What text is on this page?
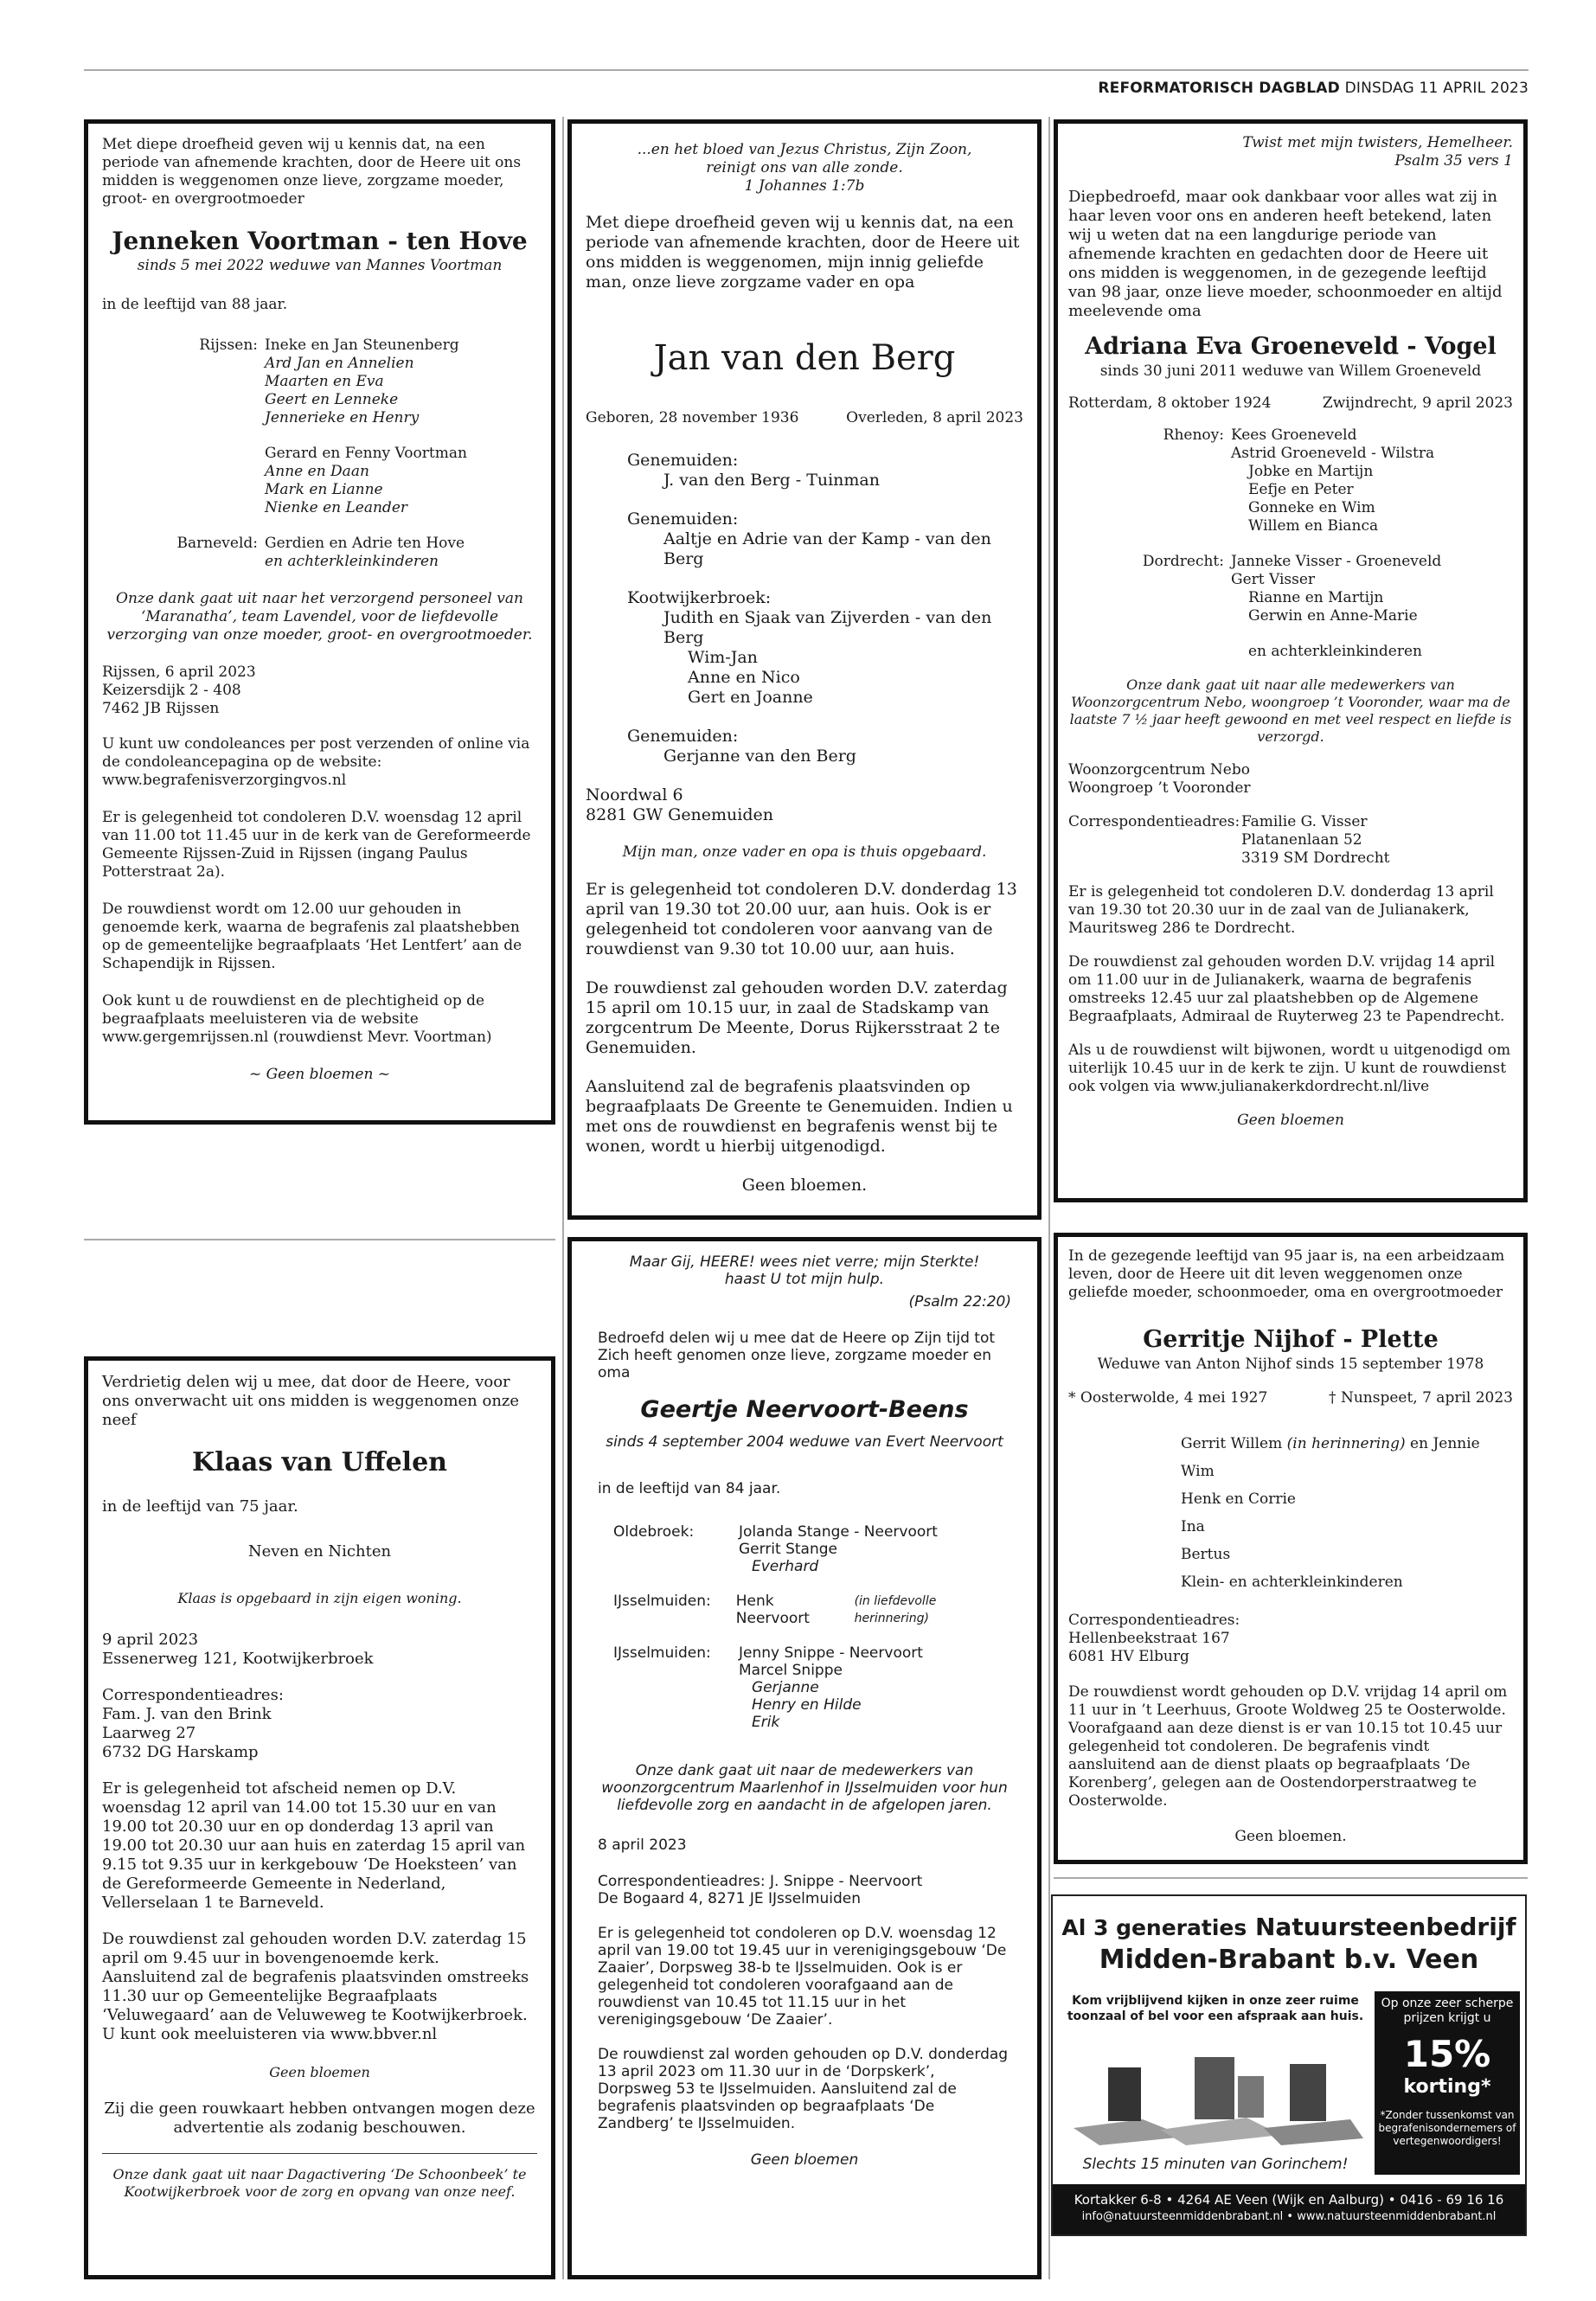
REFORMATORISCH DAGBLAD DINSDAG 11 APRIL 2023
Met diepe droefheid geven wij u kennis dat, na een periode van afnemende krachten, door de Heere uit ons midden is weggenomen onze lieve, zorgzame moeder, groot- en overgrootmoeder
Jenneken Voortman - ten Hove
sinds 5 mei 2022 weduwe van Mannes Voortman
in de leeftijd van 88 jaar.
Rijssen: Ineke en Jan Steunenberg
Ard Jan en Annelien
Maarten en Eva
Geert en Lenneke
Jennerieke en Henry
Gerard en Fenny Voortman
Anne en Daan
Mark en Lianne
Nienke en Leander
Barneveld: Gerdien en Adrie ten Hove
en achterkleinkinderen
Onze dank gaat uit naar het verzorgend personeel van ‘Maranatha’, team Lavendel, voor de liefdevolle verzorging van onze moeder, groot- en overgrootmoeder.
Rijssen, 6 april 2023
Keizersdijk 2 - 408
7462 JB Rijssen
U kunt uw condoleances per post verzenden of online via de condoleancepagina op de website: www.begrafenisverzorgingvos.nl
Er is gelegenheid tot condoleren D.V. woensdag 12 april van 11.00 tot 11.45 uur in de kerk van de Gereformeerde Gemeente Rijssen-Zuid in Rijssen (ingang Paulus Potterstraat 2a).
De rouwdienst wordt om 12.00 uur gehouden in genoemde kerk, waarna de begrafenis zal plaatshebben op de gemeentelijke begraafplaats ‘Het Lentfert’ aan de Schapendijk in Rijssen.
Ook kunt u de rouwdienst en de plechtigheid op de begraafplaats meeluisteren via de website www.gergemrijssen.nl (rouwdienst Mevr. Voortman)
~ Geen bloemen ~
...en het bloed van Jezus Christus, Zijn Zoon,
reinigt ons van alle zonde.
1 Johannes 1:7b
Met diepe droefheid geven wij u kennis dat, na een periode van afnemende krachten, door de Heere uit ons midden is weggenomen, mijn innig geliefde man, onze lieve zorgzame vader en opa
Jan van den Berg
Geboren, 28 november 1936	Overleden, 8 april 2023
Genemuiden:
J. van den Berg - Tuinman
Genemuiden:
Aaltje en Adrie van der Kamp - van den Berg
Kootwijkerbroek:
Judith en Sjaak van Zijverden - van den Berg
Wim-Jan
Anne en Nico
Gert en Joanne
Genemuiden:
Gerjanne van den Berg
Noordwal 6
8281 GW Genemuiden
Mijn man, onze vader en opa is thuis opgebaard.
Er is gelegenheid tot condoleren D.V. donderdag 13 april van 19.30 tot 20.00 uur, aan huis. Ook is er gelegenheid tot condoleren voor aanvang van de rouwdienst van 9.30 tot 10.00 uur, aan huis.
De rouwdienst zal gehouden worden D.V. zaterdag 15 april om 10.15 uur, in zaal de Stadskamp van zorgcentrum De Meente, Dorus Rijkersstraat 2 te Genemuiden.
Aansluitend zal de begrafenis plaatsvinden op begraafplaats De Greente te Genemuiden. Indien u met ons de rouwdienst en begrafenis wenst bij te wonen, wordt u hierbij uitgenodigd.
Geen bloemen.
Twist met mijn twisters, Hemelheer.
Psalm 35 vers 1
Diepbedroefd, maar ook dankbaar voor alles wat zij in haar leven voor ons en anderen heeft betekend, laten wij u weten dat na een langdurige periode van afnemende krachten en gedachten door de Heere uit ons midden is weggenomen, in de gezegende leeftijd van 98 jaar, onze lieve moeder, schoonmoeder en altijd meelevende oma
Adriana Eva Groeneveld - Vogel
sinds 30 juni 2011 weduwe van Willem Groeneveld
Rotterdam, 8 oktober 1924	Zwijndrecht, 9 april 2023
Rhenoy: Kees Groeneveld
Astrid Groeneveld - Wilstra
Jobke en Martijn
Eefje en Peter
Gonneke en Wim
Willem en Bianca
Dordrecht: Janneke Visser - Groeneveld
Gert Visser
Rianne en Martijn
Gerwin en Anne-Marie
en achterkleinkinderen
Onze dank gaat uit naar alle medewerkers van Woonzorgcentrum Nebo, woongroep ’t Vooronder, waar ma de laatste 7 ½ jaar heeft gewoond en met veel respect en liefde is verzorgd.
Woonzorgcentrum Nebo
Woongroep ’t Vooronder
Correspondentieadres: Familie G. Visser
Platanenlaan 52
3319 SM Dordrecht
Er is gelegenheid tot condoleren D.V. donderdag 13 april van 19.30 tot 20.30 uur in de zaal van de Julianakerk, Mauritsweg 286 te Dordrecht.
De rouwdienst zal gehouden worden D.V. vrijdag 14 april om 11.00 uur in de Julianakerk, waarna de begrafenis omstreeks 12.45 uur zal plaatshebben op de Algemene Begraafplaats, Admiraal de Ruyterweg 23 te Papendrecht.
Als u de rouwdienst wilt bijwonen, wordt u uitgenodigd om uiterlijk 10.45 uur in de kerk te zijn. U kunt de rouwdienst ook volgen via www.julianakerkdordrecht.nl/live
Geen bloemen
Verdrietig delen wij u mee, dat door de Heere, voor ons onverwacht uit ons midden is weggenomen onze neef
Klaas van Uffelen
in de leeftijd van 75 jaar.
Neven en Nichten
Klaas is opgebaard in zijn eigen woning.
9 april 2023
Essenerweg 121, Kootwijkerbroek
Correspondentieadres:
Fam. J. van den Brink
Laarweg 27
6732 DG Harskamp
Er is gelegenheid tot afscheid nemen op D.V. woensdag 12 april van 14.00 tot 15.30 uur en van 19.00 tot 20.30 uur en op donderdag 13 april van 19.00 tot 20.30 uur aan huis en zaterdag 15 april van 9.15 tot 9.35 uur in kerkgebouw ‘De Hoeksteen’ van de Gereformeerde Gemeente in Nederland, Vellerselaan 1 te Barneveld.
De rouwdienst zal gehouden worden D.V. zaterdag 15 april om 9.45 uur in bovengenoemde kerk.
Aansluitend zal de begrafenis plaatsvinden omstreeks 11.30 uur op Gemeentelijke Begraafplaats ‘Veluwegaard’ aan de Veluweweg te Kootwijkerbroek.
U kunt ook meeluisteren via www.bbver.nl
Geen bloemen
Zij die geen rouwkaart hebben ontvangen mogen deze advertentie als zodanig beschouwen.
Onze dank gaat uit naar Dagactivering ‘De Schoonbeek’ te Kootwijkerbroek voor de zorg en opvang van onze neef.
Maar Gij, HEERE! wees niet verre; mijn Sterkte!
haast U tot mijn hulp.
(Psalm 22:20)
Bedroefd delen wij u mee dat de Heere op Zijn tijd tot Zich heeft genomen onze lieve, zorgzame moeder en oma
Geertje Neervoort-Beens
sinds 4 september 2004 weduwe van Evert Neervoort
in de leeftijd van 84 jaar.
Oldebroek:	Jolanda Stange - Neervoort
Gerrit Stange
Everhard
IJsselmuiden:	Henk Neervoort

(in liefdevolle herinnering)
IJsselmuiden:	Jenny Snippe - Neervoort
Marcel Snippe
Gerjanne
Henry en Hilde
Erik
Onze dank gaat uit naar de medewerkers van woonzorgcentrum Maarlenhof in IJsselmuiden voor hun liefdevolle zorg en aandacht in de afgelopen jaren.
8 april 2023
Correspondentieadres: J. Snippe - Neervoort
De Bogaard 4, 8271 JE IJsselmuiden
Er is gelegenheid tot condoleren op D.V. woensdag 12 april van 19.00 tot 19.45 uur in verenigingsgebouw ‘De Zaaier’, Dorpsweg 38-b te IJsselmuiden. Ook is er gelegenheid tot condoleren voorafgaand aan de rouwdienst van 10.45 tot 11.15 uur in het verenigingsgebouw ‘De Zaaier’.
De rouwdienst zal worden gehouden op D.V. donderdag 13 april 2023 om 11.30 uur in de ‘Dorpskerk’, Dorpsweg 53 te IJsselmuiden. Aansluitend zal de begrafenis plaatsvinden op begraafplaats ‘De Zandberg’ te IJsselmuiden.
Geen bloemen
In de gezegende leeftijd van 95 jaar is, na een arbeidzaam leven, door de Heere uit dit leven weggenomen onze geliefde moeder, schoonmoeder, oma en overgrootmoeder
Gerritje Nijhof - Plette
Weduwe van Anton Nijhof sinds 15 september 1978
* Oosterwolde, 4 mei 1927	† Nunspeet, 7 april 2023
Gerrit Willem (in herinnering) en Jennie
Wim
Henk en Corrie
Ina
Bertus
Klein- en achterkleinkinderen
Correspondentieadres:
Hellenbeekstraat 167
6081 HV Elburg
De rouwdienst wordt gehouden op D.V. vrijdag 14 april om 11 uur in ’t Leerhuus, Groote Woldweg 25 te Oosterwolde. Voorafgaand aan deze dienst is er van 10.15 tot 10.45 uur gelegenheid tot condoleren. De begrafenis vindt aansluitend aan de dienst plaats op begraafplaats ‘De Korenberg’, gelegen aan de Oostendorperstraatweg te Oosterwolde.
Geen bloemen.
Al 3 generaties Natuursteenbedrijf
Midden-Brabant b.v. Veen
Kom vrijblijvend kijken in onze zeer ruime
toonzaal of bel voor een afspraak aan huis.
Slechts 15 minuten van Gorinchem!
Op onze zeer scherpe
prijzen krijgt u
15%
korting*
*Zonder tussenkomst van begrafenisondernemers of vertegenwoordigers!
Kortakker 6-8 • 4264 AE Veen (Wijk en Aalburg) • 0416 - 69 16 16
info@natuursteenmiddenbrabant.nl • www.natuursteenmiddenbrabant.nl
